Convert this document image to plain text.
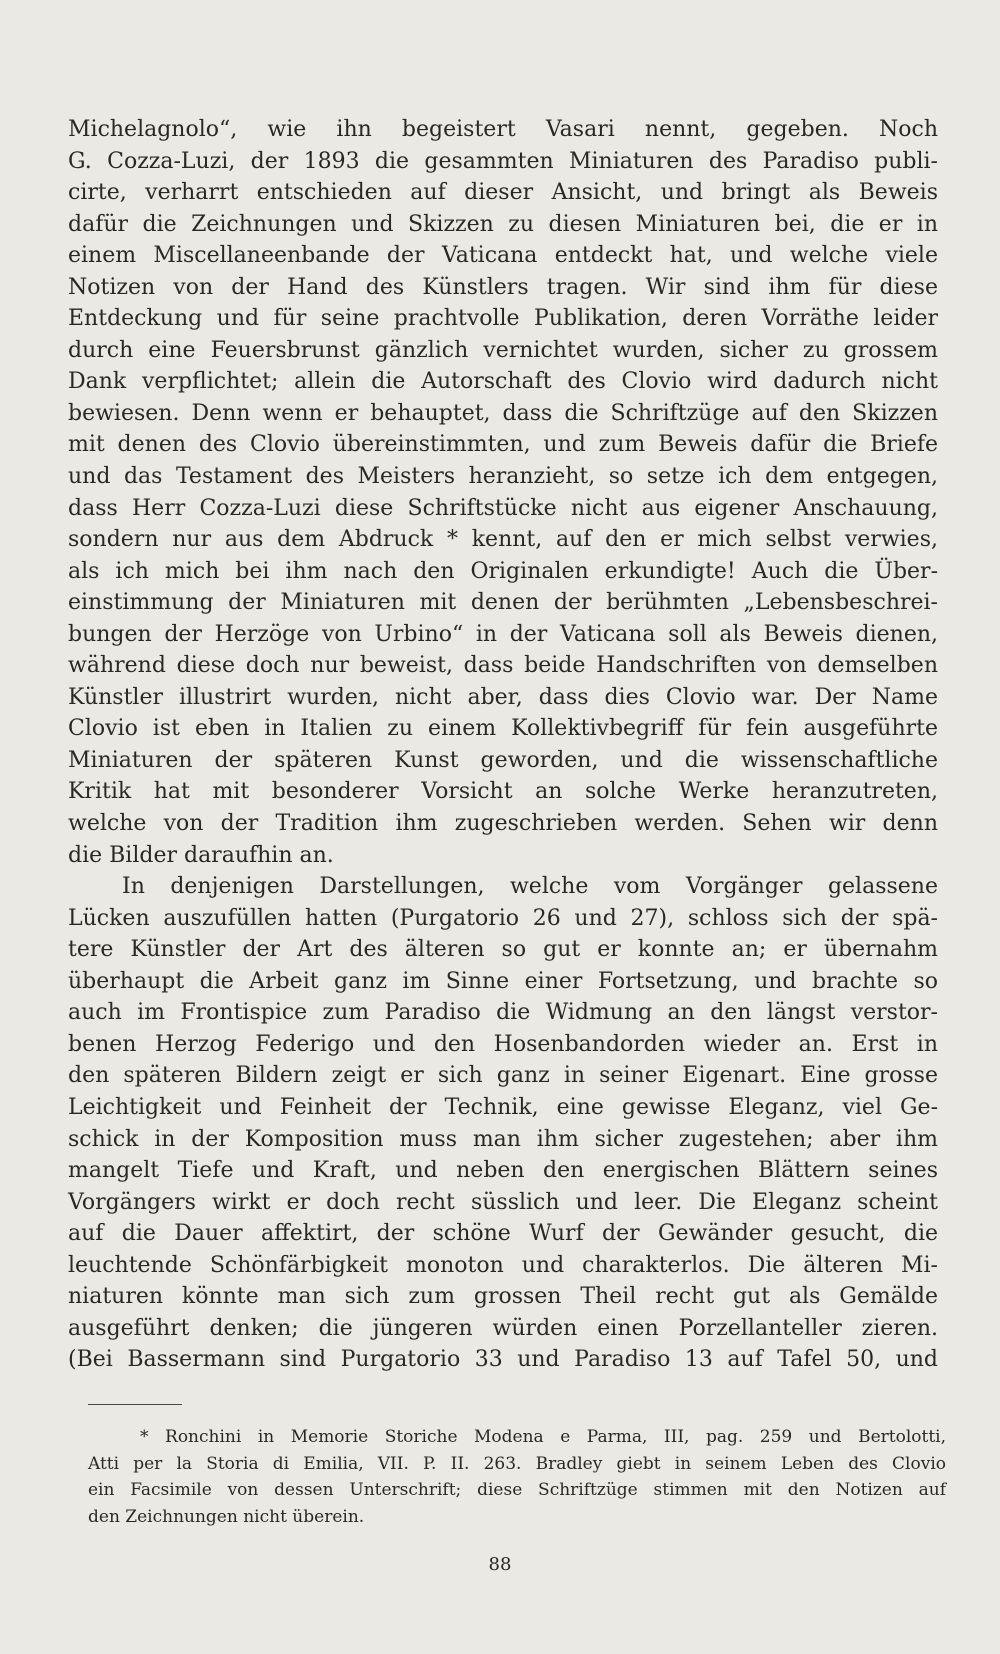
Michelagnolo“, wie ihn begeistert Vasari nennt, gegeben. Noch
G. Cozza-Luzi, der 1893 die gesammten Miniaturen des Paradiso publi-
cirte, verharrt entschieden auf dieser Ansicht, und bringt als Beweis
dafür die Zeichnungen und Skizzen zu diesen Miniaturen bei, die er in
einem Miscellaneenbande der Vaticana entdeckt hat, und welche viele
Notizen von der Hand des Künstlers tragen. Wir sind ihm für diese
Entdeckung und für seine prachtvolle Publikation, deren Vorräthe leider
durch eine Feuersbrunst gänzlich vernichtet wurden, sicher zu grossem
Dank verpflichtet; allein die Autorschaft des Clovio wird dadurch nicht
bewiesen. Denn wenn er behauptet, dass die Schriftzüge auf den Skizzen
mit denen des Clovio übereinstimmten, und zum Beweis dafür die Briefe
und das Testament des Meisters heranzieht, so setze ich dem entgegen,
dass Herr Cozza-Luzi diese Schriftstücke nicht aus eigener Anschauung,
sondern nur aus dem Abdruck * kennt, auf den er mich selbst verwies,
als ich mich bei ihm nach den Originalen erkundigte! Auch die Über-
einstimmung der Miniaturen mit denen der berühmten „Lebensbeschrei-
bungen der Herzöge von Urbino“ in der Vaticana soll als Beweis dienen,
während diese doch nur beweist, dass beide Handschriften von demselben
Künstler illustrirt wurden, nicht aber, dass dies Clovio war. Der Name
Clovio ist eben in Italien zu einem Kollektivbegriff für fein ausgeführte
Miniaturen der späteren Kunst geworden, und die wissenschaftliche
Kritik hat mit besonderer Vorsicht an solche Werke heranzutreten,
welche von der Tradition ihm zugeschrieben werden. Sehen wir denn
die Bilder daraufhin an.
In denjenigen Darstellungen, welche vom Vorgänger gelassene
Lücken auszufüllen hatten (Purgatorio 26 und 27), schloss sich der spä-
tere Künstler der Art des älteren so gut er konnte an; er übernahm
überhaupt die Arbeit ganz im Sinne einer Fortsetzung, und brachte so
auch im Frontispice zum Paradiso die Widmung an den längst verstor-
benen Herzog Federigo und den Hosenbandorden wieder an. Erst in
den späteren Bildern zeigt er sich ganz in seiner Eigenart. Eine grosse
Leichtigkeit und Feinheit der Technik, eine gewisse Eleganz, viel Ge-
schick in der Komposition muss man ihm sicher zugestehen; aber ihm
mangelt Tiefe und Kraft, und neben den energischen Blättern seines
Vorgängers wirkt er doch recht süsslich und leer. Die Eleganz scheint
auf die Dauer affektirt, der schöne Wurf der Gewänder gesucht, die
leuchtende Schönfärbigkeit monoton und charakterlos. Die älteren Mi-
niaturen könnte man sich zum grossen Theil recht gut als Gemälde
ausgeführt denken; die jüngeren würden einen Porzellanteller zieren.
(Bei Bassermann sind Purgatorio 33 und Paradiso 13 auf Tafel 50, und
* Ronchini in Memorie Storiche Modena e Parma, III, pag. 259 und Bertolotti,
Atti per la Storia di Emilia, VII. P. II. 263. Bradley giebt in seinem Leben des Clovio
ein Facsimile von dessen Unterschrift; diese Schriftzüge stimmen mit den Notizen auf
den Zeichnungen nicht überein.
88
